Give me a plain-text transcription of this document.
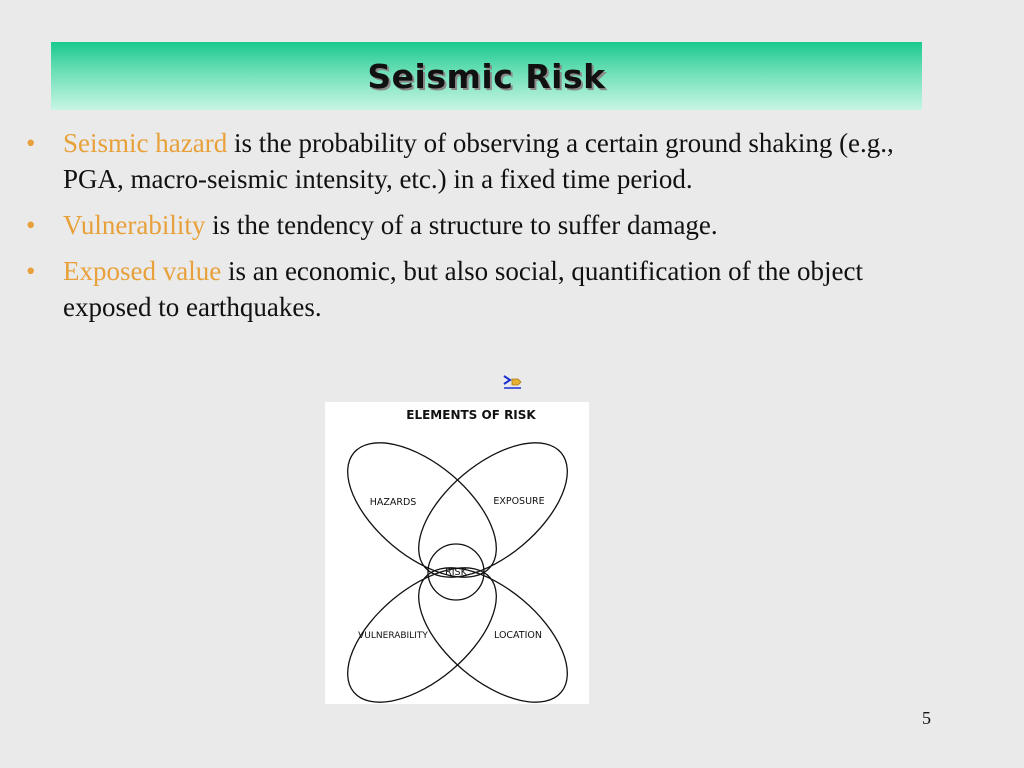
Seismic Risk
• Seismic hazard is the probability of observing a certain ground shaking (e.g., PGA, macro-seismic intensity, etc.) in a fixed time period.
• Vulnerability is the tendency of a structure to suffer damage.
• Exposed value is an economic, but also social, quantification of the object exposed to earthquakes.
ELEMENTS OF RISK
HAZARDS	EXPOSURE
RISK
VULNERABILITY	LOCATION
5
